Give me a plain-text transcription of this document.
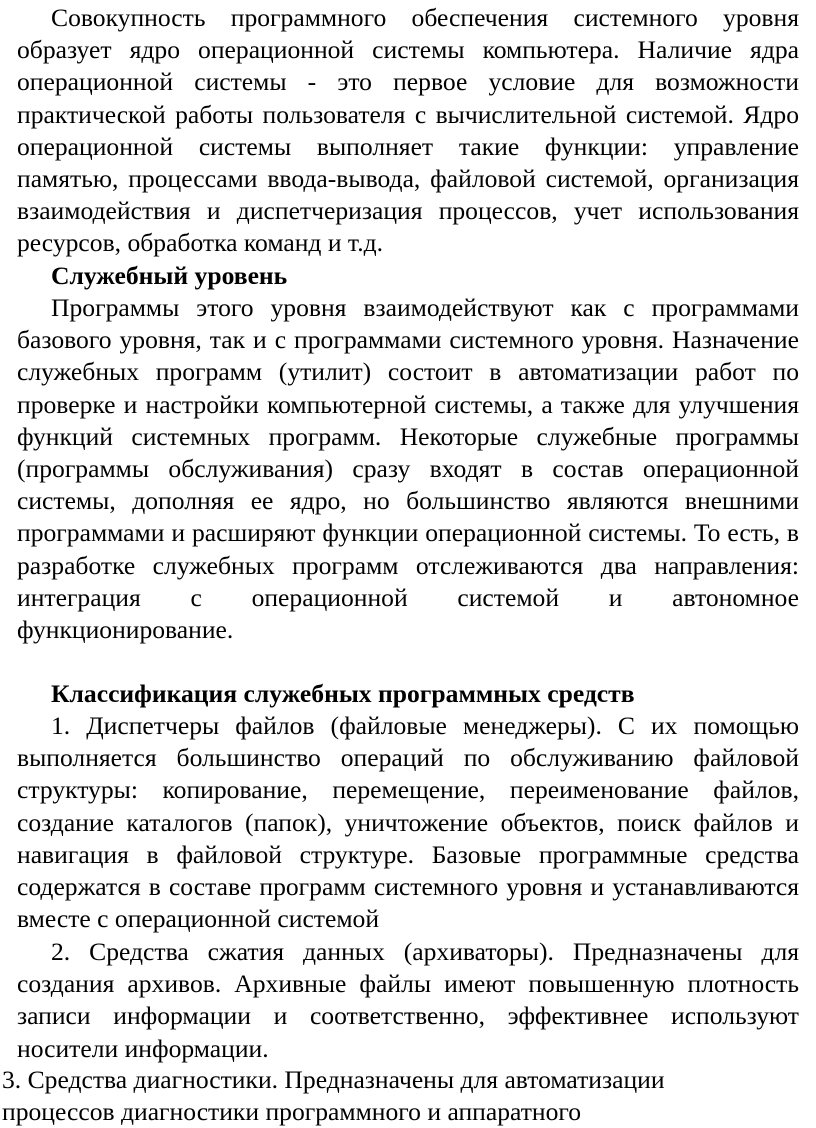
Совокупность программного обеспечения системного уровня образует ядро операционной системы компьютера. Наличие ядра операционной системы - это первое условие для возможности практической работы пользователя с вычислительной системой. Ядро операционной системы выполняет такие функции: управление памятью, процессами ввода-вывода, файловой системой, организация взаимодействия и диспетчеризация процессов, учет использования ресурсов, обработка команд и т.д.

Служебный уровень

Программы этого уровня взаимодействуют как с программами базового уровня, так и с программами системного уровня. Назначение служебных программ (утилит) состоит в автоматизации работ по проверке и настройки компьютерной системы, а также для улучшения функций системных программ. Некоторые служебные программы (программы обслуживания) сразу входят в состав операционной системы, дополняя ее ядро, но большинство являются внешними программами и расширяют функции операционной системы. То есть, в разработке служебных программ отслеживаются два направления: интеграция с операционной системой и автономное функционирование.

Классификация служебных программных средств

1. Диспетчеры файлов (файловые менеджеры). С их помощью выполняется большинство операций по обслуживанию файловой структуры: копирование, перемещение, переименование файлов, создание каталогов (папок), уничтожение объектов, поиск файлов и навигация в файловой структуре. Базовые программные средства содержатся в составе программ системного уровня и устанавливаются вместе с операционной системой

2. Средства сжатия данных (архиваторы). Предназначены для создания архивов. Архивные файлы имеют повышенную плотность записи информации и соответственно, эффективнее используют носители информации.

3. Средства диагностики. Предназначены для автоматизации

процессов диагностики программного и аппаратного
